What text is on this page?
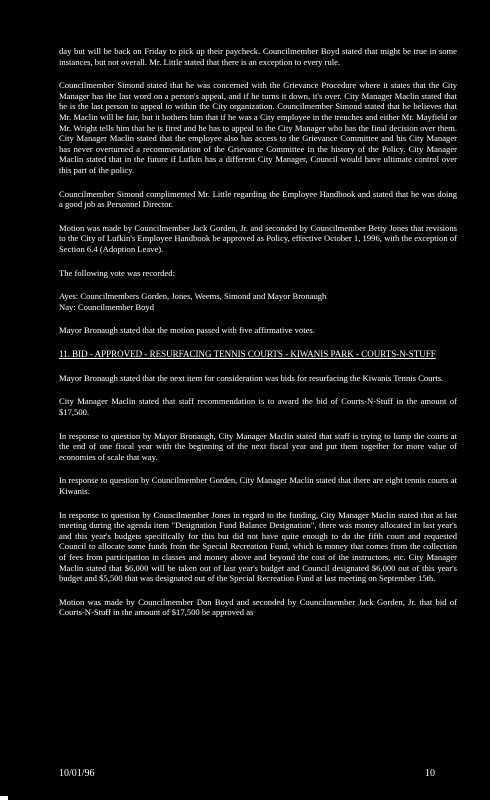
day but will be back on Friday to pick up their paycheck. Councilmember Boyd stated that might be true in some instances, but not overall. Mr. Little stated that there is an exception to every rule.

Councilmember Simond stated that he was concerned with the Grievance Procedure where it states that the City Manager has the last word on a person's appeal, and if he turns it down, it's over. City Manager Maclin stated that he is the last person to appeal to within the City organization. Councilmember Simond stated that he believes that Mr. Maclin will be fair, but it bothers him that if he was a City employee in the trenches and either Mr. Mayfield or Mr. Wright tells him that he is fired and he has to appeal to the City Manager who has the final decision over them. City Manager Maclin stated that the employee also has access to the Grievance Committee and his City Manager has never overturned a recommendation of the Grievance Committee in the history of the Policy. City Manager Maclin stated that in the future if Lufkin has a different City Manager, Council would have ultimate control over this part of the policy.

Councilmember Simond complimented Mr. Little regarding the Employee Handbook and stated that he was doing a good job as Personnel Director.

Motion was made by Councilmember Jack Gorden, Jr. and seconded by Councilmember Betty Jones that revisions to the City of Lufkin's Employee Handbook be approved as Policy, effective October 1, 1996, with the exception of Section 6.4 (Adoption Leave).

The following vote was recorded:

Ayes: Councilmembers Gorden, Jones, Weems, Simond and Mayor Bronaugh

Nay: Councilmember Boyd

Mayor Bronaugh stated that the motion passed with five affirmative votes.

11. BID - APPROVED - RESURFACING TENNIS COURTS - KIWANIS PARK - COURTS-N-STUFF

Mayor Bronaugh stated that the next item for consideration was bids for resurfacing the Kiwanis Tennis Courts.

City Manager Maclin stated that staff recommendation is to award the bid of Courts-N-Stuff in the amount of $17,500.

In response to question by Mayor Bronaugh, City Manager Maclin stated that staff is trying to lump the courts at the end of one fiscal year with the beginning of the next fiscal year and put them together for more value of economies of scale that way.

In response to question by Councilmember Gorden, City Manager Maclin stated that there are eight tennis courts at Kiwanis.

In response to question by Councilmember Jones in regard to the funding, City Manager Maclin stated that at last meeting during the agenda item "Designation Fund Balance Designation", there was money allocated in last year's and this year's budgets specifically for this but did not have quite enough to do the fifth court and requested Council to allocate some funds from the Special Recreation Fund, which is money that comes from the collection of fees from participation in classes and money above and beyond the cost of the instructors, etc. City Manager Maclin stated that $6,000 will be taken out of last year's budget and Council designated $6,000 out of this year's budget and $5,500 that was designated out of the Special Recreation Fund at last meeting on September 15th.

Motion was made by Councilmember Don Boyd and seconded by Councilmember Jack Gorden, Jr. that bid of Courts-N-Stuff in the amount of $17,500 be approved as

10/01/96	10
